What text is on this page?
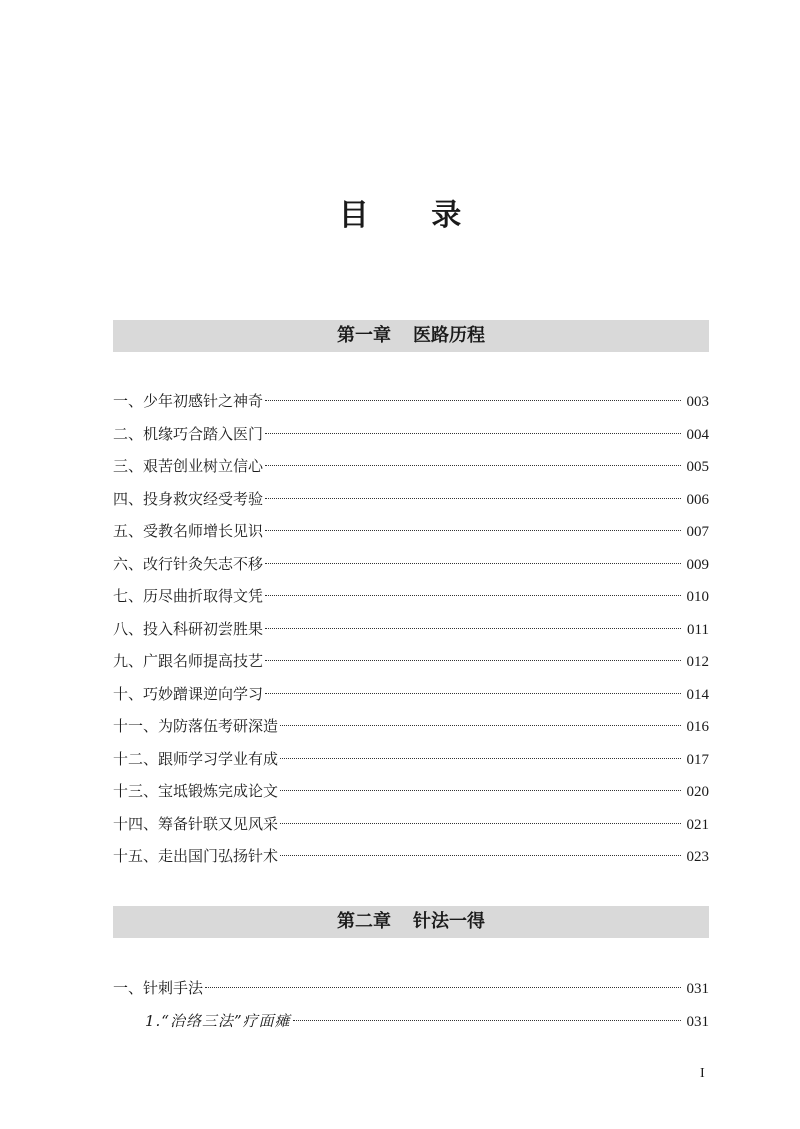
目 录
第一章 医路历程
一、少年初感针之神奇	003
二、机缘巧合踏入医门	004
三、艰苦创业树立信心	005
四、投身救灾经受考验	006
五、受教名师增长见识	007
六、改行针灸矢志不移	009
七、历尽曲折取得文凭	010
八、投入科研初尝胜果	011
九、广跟名师提高技艺	012
十、巧妙蹭课逆向学习	014
十一、为防落伍考研深造	016
十二、跟师学习学业有成	017
十三、宝坻锻炼完成论文	020
十四、筹备针联又见风采	021
十五、走出国门弘扬针术	023
第二章 针法一得
一、针刺手法	031
1.“治络三法”疗面瘫	031
I
